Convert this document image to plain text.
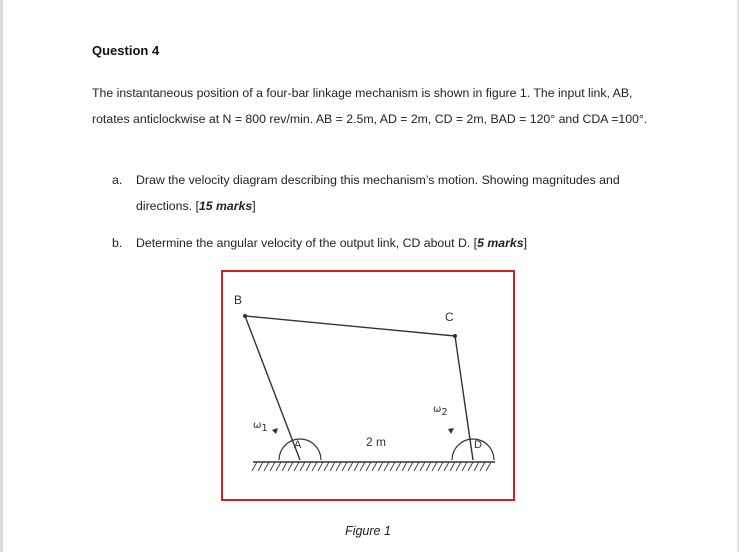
Question 4
The instantaneous position of a four-bar linkage mechanism is shown in figure 1. The input link, AB, rotates anticlockwise at N = 800 rev/min. AB = 2.5m, AD = 2m, CD = 2m, BAD = 120° and CDA =100°.
a. Draw the velocity diagram describing this mechanism’s motion. Showing magnitudes and directions. [15 marks]
b. Determine the angular velocity of the output link, CD about D. [5 marks]
B
C
A	D
ω1
ω2
2 m
Figure 1
